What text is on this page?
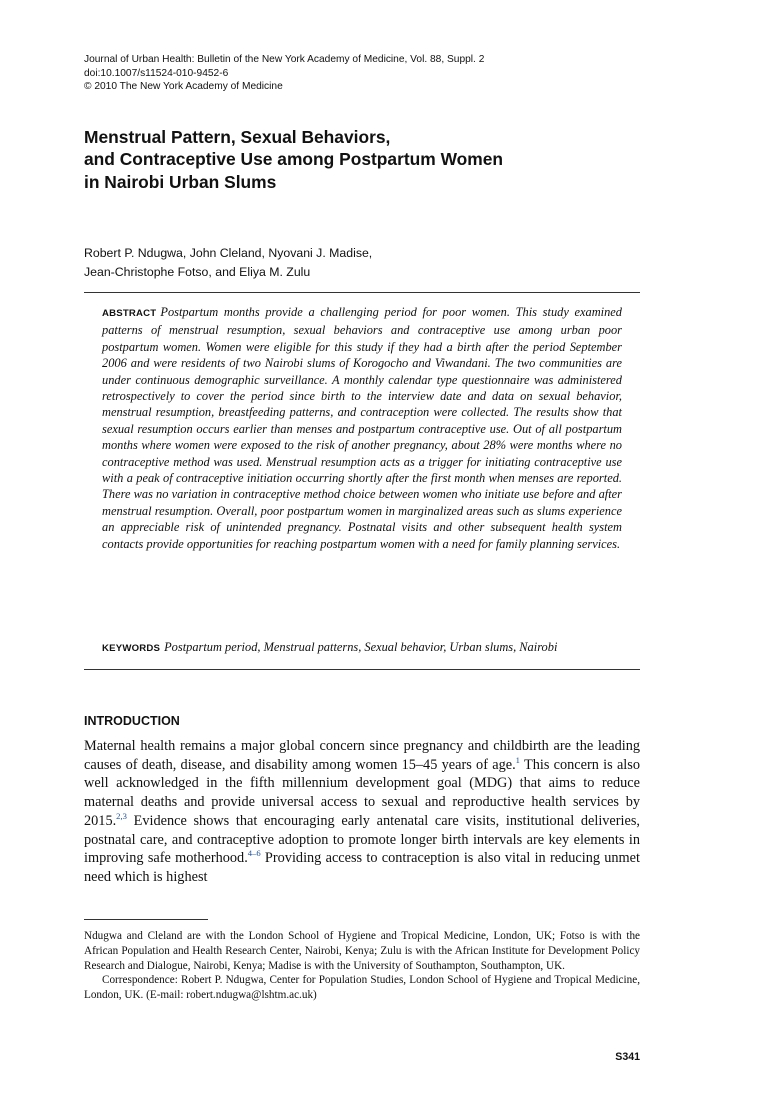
Journal of Urban Health: Bulletin of the New York Academy of Medicine, Vol. 88, Suppl. 2
doi:10.1007/s11524-010-9452-6
© 2010 The New York Academy of Medicine
Menstrual Pattern, Sexual Behaviors,
and Contraceptive Use among Postpartum Women
in Nairobi Urban Slums
Robert P. Ndugwa, John Cleland, Nyovani J. Madise,
Jean-Christophe Fotso, and Eliya M. Zulu

ABSTRACT Postpartum months provide a challenging period for poor women. This study examined patterns of menstrual resumption, sexual behaviors and contraceptive use among urban poor postpartum women. Women were eligible for this study if they had a birth after the period September 2006 and were residents of two Nairobi slums of Korogocho and Viwandani. The two communities are under continuous demographic surveillance. A monthly calendar type questionnaire was administered retrospectively to cover the period since birth to the interview date and data on sexual behavior, menstrual resumption, breastfeeding patterns, and contraception were collected. The results show that sexual resumption occurs earlier than menses and postpartum contraceptive use. Out of all postpartum months where women were exposed to the risk of another pregnancy, about 28% were months where no contraceptive method was used. Menstrual resumption acts as a trigger for initiating contraceptive use with a peak of contraceptive initiation occurring shortly after the first month when menses are reported. There was no variation in contraceptive method choice between women who initiate use before and after menstrual resumption. Overall, poor postpartum women in marginalized areas such as slums experience an appreciable risk of unintended pregnancy. Postnatal visits and other subsequent health system contacts provide opportunities for reaching postpartum women with a need for family planning services.

KEYWORDS Postpartum period, Menstrual patterns, Sexual behavior, Urban slums, Nairobi

INTRODUCTION

Maternal health remains a major global concern since pregnancy and childbirth are the leading causes of death, disease, and disability among women 15–45 years of age.$^1$ This concern is also well acknowledged in the fifth millennium development goal (MDG) that aims to reduce maternal deaths and provide universal access to sexual and reproductive health services by 2015.$^{2,3}$ Evidence shows that encouraging early antenatal care visits, institutional deliveries, postnatal care, and contraceptive adoption to promote longer birth intervals are key elements in improving safe motherhood.$^{4-6}$ Providing access to contraception is also vital in reducing unmet need which is highest

Ndugwa and Cleland are with the London School of Hygiene and Tropical Medicine, London, UK; Fotso is with the African Population and Health Research Center, Nairobi, Kenya; Zulu is with the African Institute for Development Policy Research and Dialogue, Nairobi, Kenya; Madise is with the University of Southampton, Southampton, UK.

Correspondence: Robert P. Ndugwa, Center for Population Studies, London School of Hygiene and Tropical Medicine, London, UK. (E-mail: robert.ndugwa@lshtm.ac.uk)

S341
